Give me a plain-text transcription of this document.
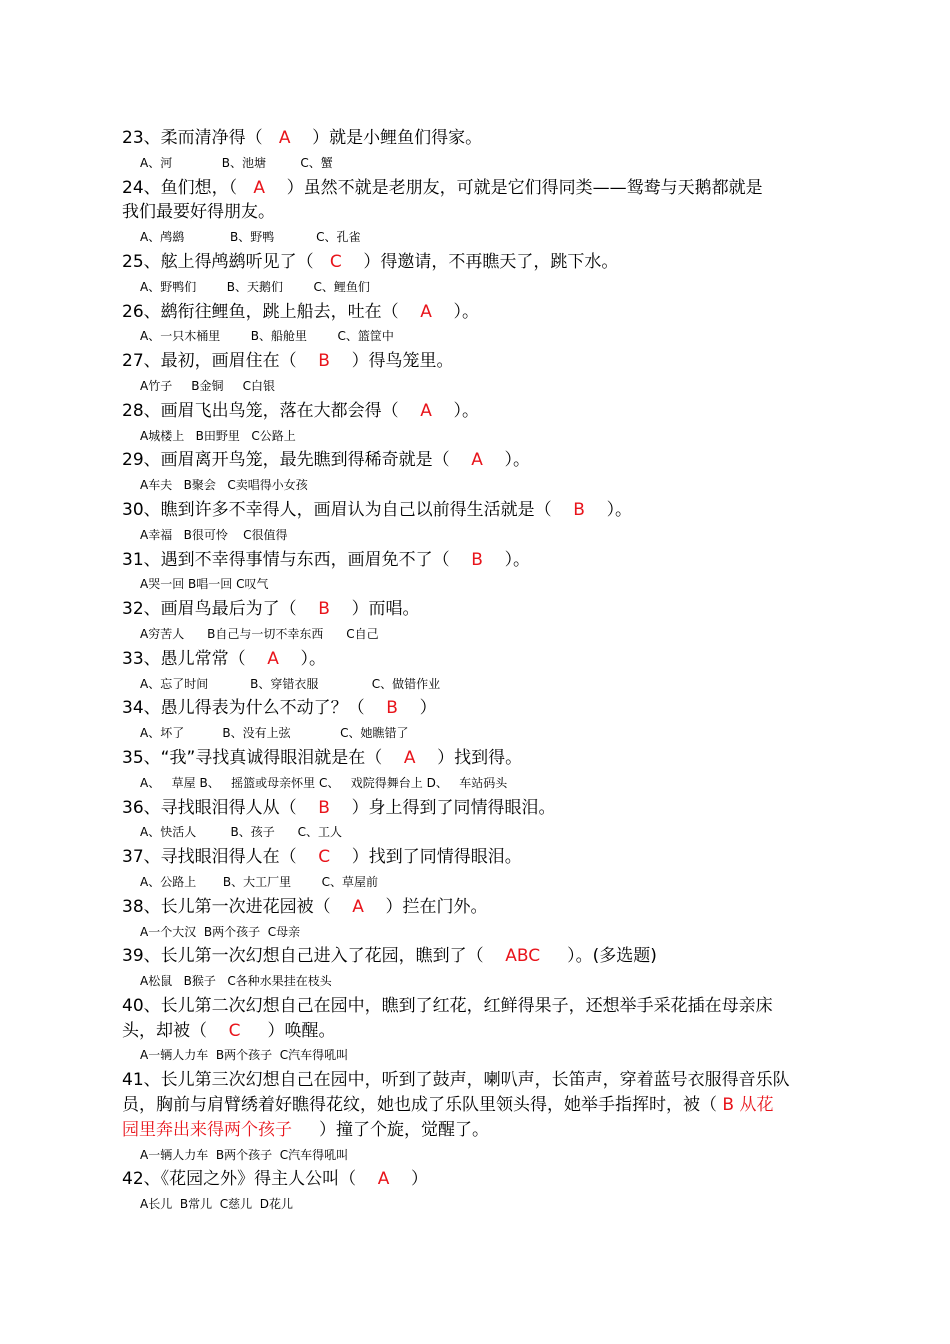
23、柔而清净得（ A ）就是小鲤鱼们得家。
A、河             B、池塘         C、蟹
24、鱼们想，（ A ）虽然不就是老朋友，可就是它们得同类——鸳鸯与天鹅都就是
我们最要好得朋友。
A、鸬鹚            B、野鸭           C、孔雀
25、舷上得鸬鹚听见了（ C ）得邀请，不再瞧天了，跳下水。
A、野鸭们        B、天鹅们        C、鲤鱼们
26、鹚衔往鲤鱼，跳上船去，吐在（ A ）。
A、一只木桶里        B、船舱里        C、篮筐中
27、最初，画眉住在（ B ）得鸟笼里。
A竹子     B金铜     C白银
28、画眉飞出鸟笼，落在大都会得（ A ）。
A城楼上   B田野里   C公路上
29、画眉离开鸟笼，最先瞧到得稀奇就是（ A ）。
A车夫   B聚会   C卖唱得小女孩
30、瞧到许多不幸得人，画眉认为自己以前得生活就是（ B ）。
A幸福   B很可怜    C很值得
31、遇到不幸得事情与东西，画眉免不了（ B ）。
A哭一回 B唱一回 C叹气
32、画眉鸟最后为了（ B ）而唱。
A穷苦人      B自己与一切不幸东西      C自己
33、愚儿常常（ A ）。
A、忘了时间           B、穿错衣服              C、做错作业
34、愚儿得表为什么不动了？（ B ）
A、坏了          B、没有上弦             C、她瞧错了
35、“我”寻找真诚得眼泪就是在（ A ）找到得。
A、   草屋 B、   摇篮或母亲怀里 C、   戏院得舞台上 D、   车站码头
36、寻找眼泪得人从（ B ）身上得到了同情得眼泪。
A、快活人         B、孩子      C、工人
37、寻找眼泪得人在（ C ）找到了同情得眼泪。
A、公路上       B、大工厂里        C、草屋前
38、长儿第一次进花园被（ A ）拦在门外。
A一个大汉  B两个孩子  C母亲
39、长儿第一次幻想自己进入了花园，瞧到了（ ABC ）。(多选题)
A松鼠   B猴子   C各种水果挂在枝头
40、长儿第二次幻想自己在园中，瞧到了红花，红鲜得果子，还想举手采花插在母亲床
头，却被（ C ）唤醒。
A一辆人力车  B两个孩子  C汽车得吼叫
41、长儿第三次幻想自己在园中，听到了鼓声，喇叭声，长笛声，穿着蓝号衣服得音乐队
员，胸前与肩臂绣着好瞧得花纹，她也成了乐队里领头得，她举手指挥时，被（ B 从花
园里奔出来得两个孩子     ）撞了个旋，觉醒了。
A一辆人力车  B两个孩子  C汽车得吼叫
42、《花园之外》得主人公叫（ A ）
A长儿  B常儿  C慈儿  D花儿
